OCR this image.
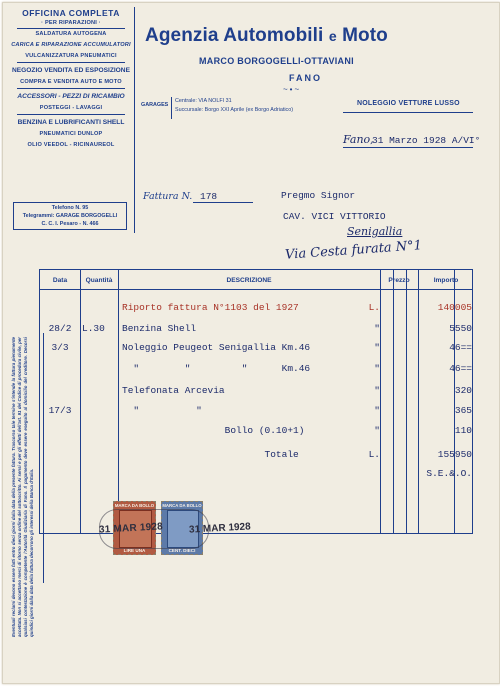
OFFICINA COMPLETA
· PER RIPARAZIONI ·
SALDATURA AUTOGENA
CARICA E RIPARAZIONE ACCUMULATORI
VULCANIZZATURA PNEUMATICI
NEGOZIO VENDITA ED ESPOSIZIONE
COMPRA E VENDITA AUTO E MOTO
ACCESSORI - PEZZI DI RICAMBIO
POSTEGGI - LAVAGGI
BENZINA E LUBRIFICANTI SHELL
PNEUMATICI DUNLOP
OLIO VEEDOL - RICINAUREOL
Telefono N. 95
Telegrammi: GARAGE BORGOGELLI
C. C. I. Pesaro - N. 466
Agenzia Automobili e Moto
MARCO BORGOGELLI-OTTAVIANI
FANO
~•~
GARAGES
Centrale: VIA NOLFI 31
Succursale: Borgo XXI Aprile (ex Borgo Adriatico)
NOLEGGIO VETTURE LUSSO
Fano,
31 Marzo 1928 A/VI°
Fattura N. 178	Pregmo Signor
CAV. VICI VITTORIO
Senigallia
Via Cesta furata N°1
Eventuali reclami devono essere fatti entro dieci giorni dalla data della presente fattura. Trascorso tale termine s'intende la fattura pienamente accettata. Non si accettano merci di ritorno senza ordine del sottoscritto. Ai sensi e per gli effetti dell'art. 91 del Codice di procedura civile, per qualsiasi contestazione è competente l'Autorità Giudiziaria di Fano. Il pagamento deve essere eseguito al domicilio del creditore. Decorsi quindici giorni dalla data della fattura decorrono gli interessi della Banca d'Italia.
Data	Quantità	DESCRIZIONE	Prezzo	Importo
Riporto fattura N°1103 del 1927	L.	140005
28/2	L.30	Benzina Shell	"	5550
3/3	Noleggio Peugeot Senigallia Km.46	"	46==
"        "         "      Km.46	"	46==
Telefonata Arcevia	"	320
17/3	"          "	"	365
Bollo (0.10+1)	"	110
Totale	L.	155950
S.E.&.O.
MARCA DA BOLLO
LIRE UNA
MARCA DA BOLLO
CENT. DIECI
31 MAR 1928	31 MAR 1928
